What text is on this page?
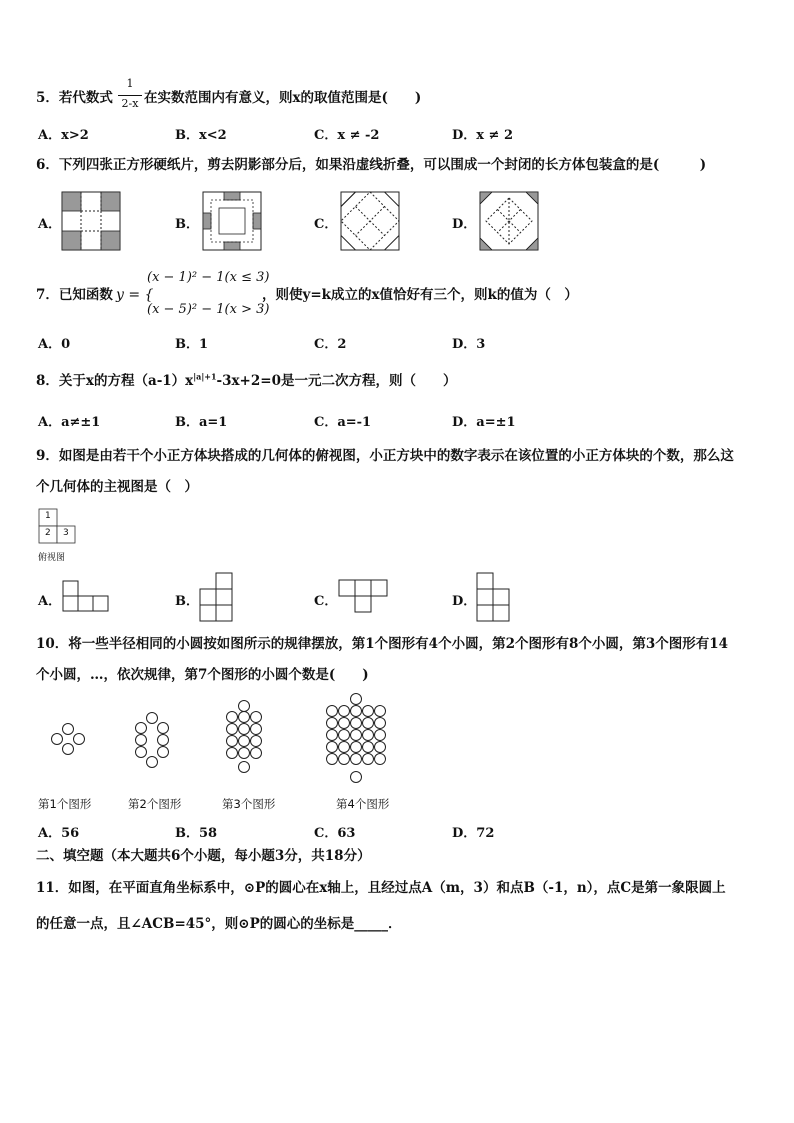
5．若代数式
1
2-x 在实数范围内有意义，则x的取值范围是(　　)
A．x>2	B．x<2	C．x ≠ -2	D．x ≠ 2
6．下列四张正方形硬纸片，剪去阴影部分后，如果沿虚线折叠，可以围成一个封闭的长方体包装盒的是(　　　)
A．	B．	C．	D．
7．已知函数 y = {
(x − 1)² − 1(x ≤ 3)
(x − 5)² − 1(x > 3)
，则使y=k成立的x值恰好有三个，则k的值为（　）
A．0	B．1	C．2	D．3
8．关于x的方程$(a-1)x^{|a|+1}-3x+2=0$是一元二次方程，则（　　）
A．a≠±1	B．a=1	C．a=-1	D．a=±1
9．如图是由若干个小正方体块搭成的几何体的俯视图，小正方块中的数字表示在该位置的小正方体块的个数，那么这
个几何体的主视图是（　）
1
2 3
俯视图
A．	B．	C．	D．
10．将一些半径相同的小圆按如图所示的规律摆放，第1个图形有4个小圆，第2个图形有8个小圆，第3个图形有14
个小圆，…，依次规律，第7个图形的小圆个数是(　　)
第1个图形	第2个图形	第3个图形	第4个图形
A．56	B．58	C．63	D．72
二、填空题（本大题共6个小题，每小题3分，共18分）
11．如图，在平面直角坐标系中，⊙P的圆心在x轴上，且经过点A（m，3）和点B（-1，n），点C是第一象限圆上
的任意一点，且∠ACB=45°，则⊙P的圆心的坐标是_____．
